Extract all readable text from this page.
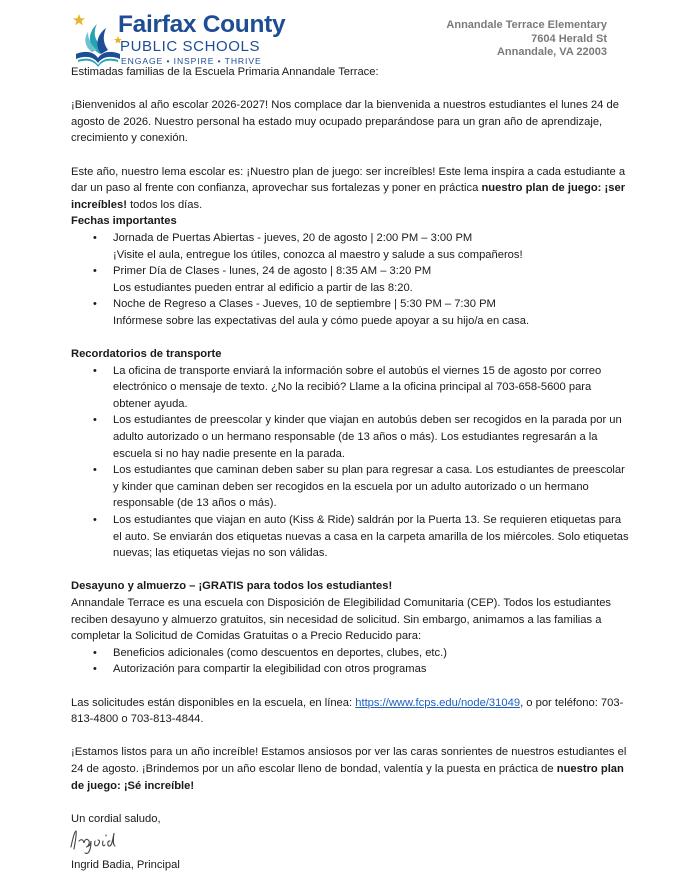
Fairfax County
PUBLIC SCHOOLS
ENGAGE • INSPIRE • THRIVE
Annandale Terrace Elementary
7604 Herald St
Annandale, VA 22003

Estimadas familias de la Escuela Primaria Annandale Terrace:

¡Bienvenidos al año escolar 2026-2027! Nos complace dar la bienvenida a nuestros estudiantes el lunes 24 de agosto de 2026. Nuestro personal ha estado muy ocupado preparándose para un gran año de aprendizaje, crecimiento y conexión.

Este año, nuestro lema escolar es: ¡Nuestro plan de juego: ser increíbles! Este lema inspira a cada estudiante a dar un paso al frente con confianza, aprovechar sus fortalezas y poner en práctica nuestro plan de juego: ¡ser increíbles! todos los días.

Fechas importantes

• Jornada de Puertas Abiertas - jueves, 20 de agosto | 2:00 PM – 3:00 PM
¡Visite el aula, entregue los útiles, conozca al maestro y salude a sus compañeros!
• Primer Día de Clases - lunes, 24 de agosto | 8:35 AM – 3:20 PM
Los estudiantes pueden entrar al edificio a partir de las 8:20.
• Noche de Regreso a Clases - Jueves, 10 de septiembre | 5:30 PM – 7:30 PM
Infórmese sobre las expectativas del aula y cómo puede apoyar a su hijo/a en casa.

Recordatorios de transporte

• La oficina de transporte enviará la información sobre el autobús el viernes 15 de agosto por correo electrónico o mensaje de texto. ¿No la recibió? Llame a la oficina principal al 703-658-5600 para obtener ayuda.
• Los estudiantes de preescolar y kinder que viajan en autobús deben ser recogidos en la parada por un adulto autorizado o un hermano responsable (de 13 años o más). Los estudiantes regresarán a la escuela si no hay nadie presente en la parada.
• Los estudiantes que caminan deben saber su plan para regresar a casa. Los estudiantes de preescolar y kinder que caminan deben ser recogidos en la escuela por un adulto autorizado o un hermano responsable (de 13 años o más).
• Los estudiantes que viajan en auto (Kiss & Ride) saldrán por la Puerta 13. Se requieren etiquetas para el auto. Se enviarán dos etiquetas nuevas a casa en la carpeta amarilla de los miércoles. Solo etiquetas nuevas; las etiquetas viejas no son válidas.

Desayuno y almuerzo – ¡GRATIS para todos los estudiantes!

Annandale Terrace es una escuela con Disposición de Elegibilidad Comunitaria (CEP). Todos los estudiantes reciben desayuno y almuerzo gratuitos, sin necesidad de solicitud. Sin embargo, animamos a las familias a completar la Solicitud de Comidas Gratuitas o a Precio Reducido para:

• Beneficios adicionales (como descuentos en deportes, clubes, etc.)
• Autorización para compartir la elegibilidad con otros programas

Las solicitudes están disponibles en la escuela, en línea: https://www.fcps.edu/node/31049, o por teléfono: 703-813-4800 o 703-813-4844.

¡Estamos listos para un año increíble! Estamos ansiosos por ver las caras sonrientes de nuestros estudiantes el 24 de agosto. ¡Brindemos por un año escolar lleno de bondad, valentía y la puesta en práctica de nuestro plan de juego: ¡Sé increíble!

Un cordial saludo,

Ingrid Badia, Principal
